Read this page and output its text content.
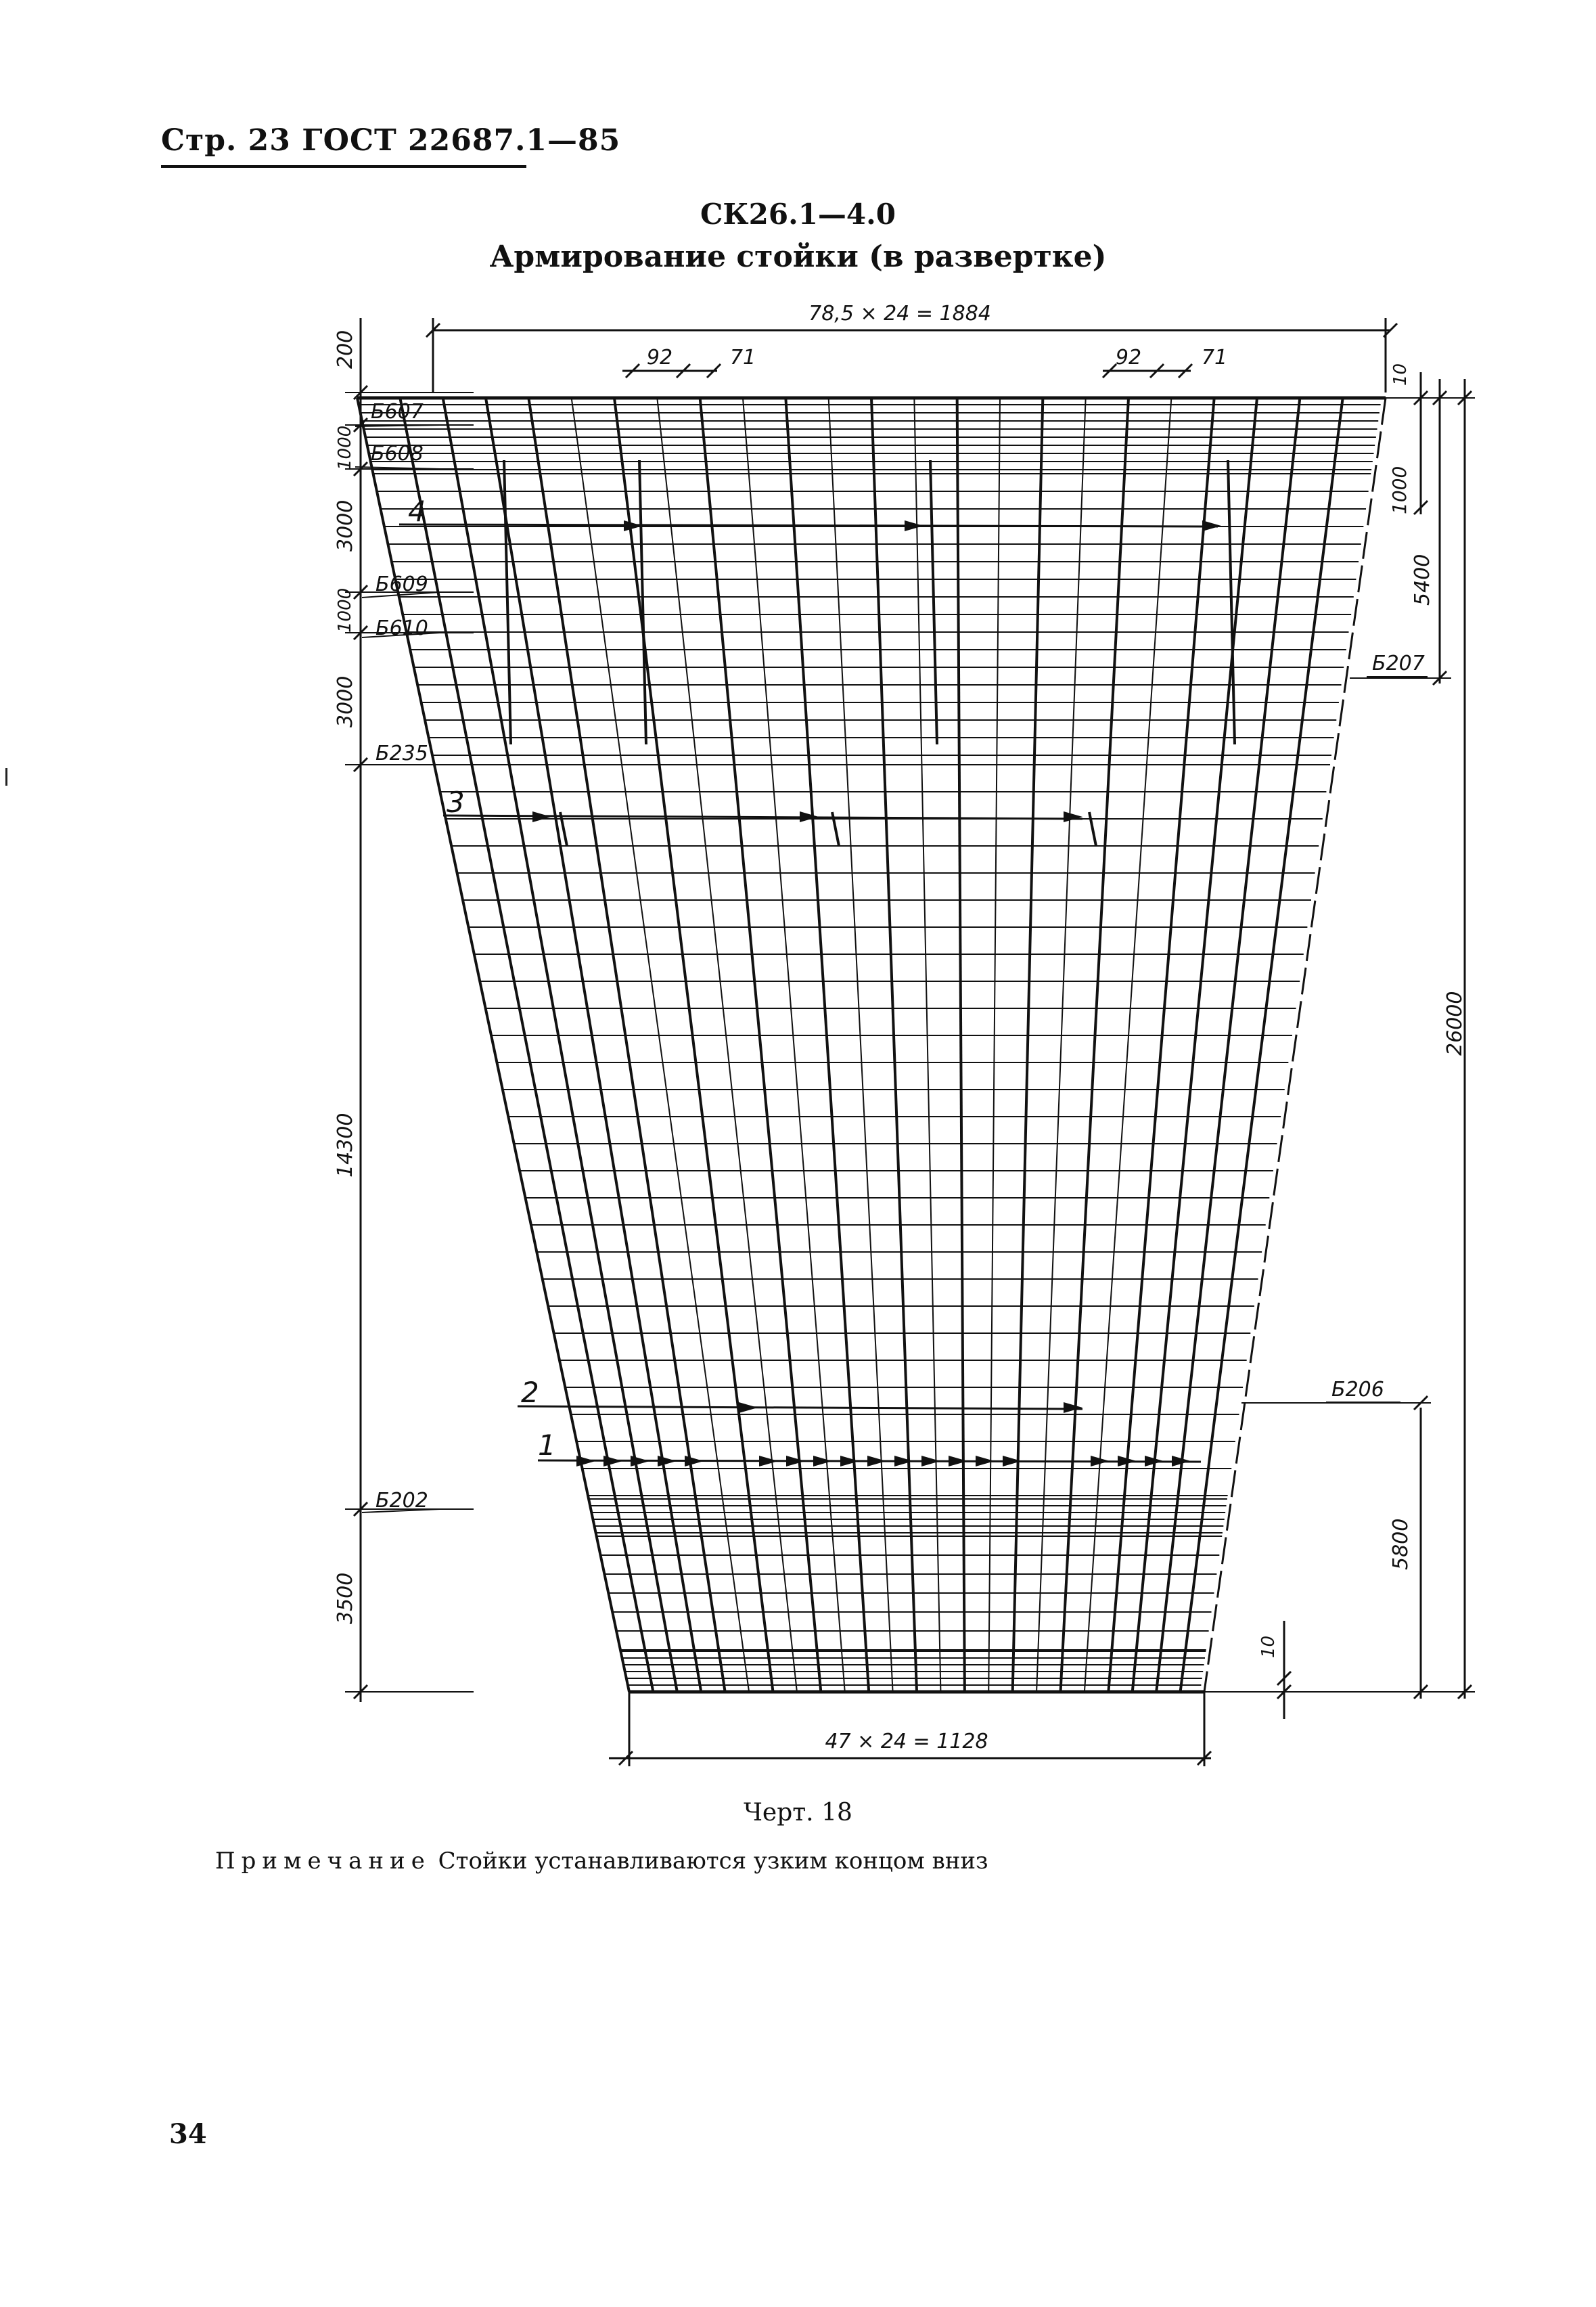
Стр. 23 ГОСТ 22687.1—85
СК26.1—4.0
Армирование стойки (в развертке)
78,5 × 24 = 1884
92	71	92	71
47 × 24 = 1128
200
1000
3000
1000
3000
14300
3500
Б607
Б608
Б609
Б610
Б235
Б202
Б207
Б206
10
1000
5400
26000
5800
10
4
3
2
1
Черт. 18
Примечание Стойки устанавливаются узким концом вниз
34
